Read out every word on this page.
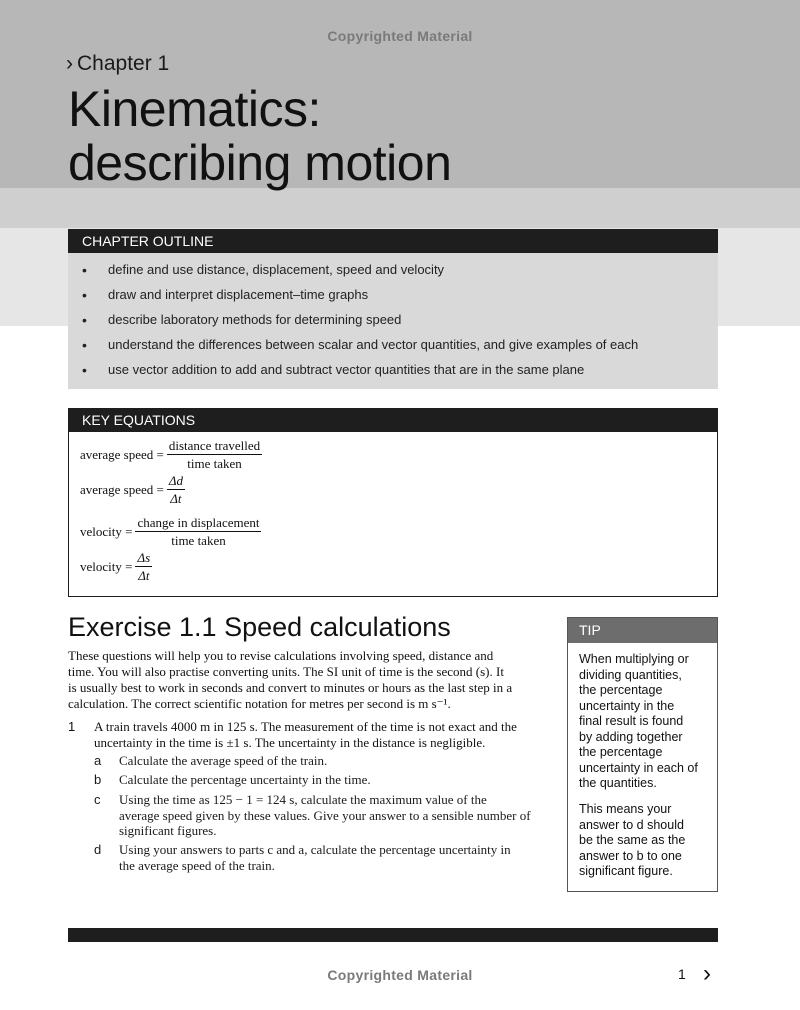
Copyrighted Material
› Chapter 1
Kinematics:
describing motion
CHAPTER OUTLINE
• define and use distance, displacement, speed and velocity
• draw and interpret displacement–time graphs
• describe laboratory methods for determining speed
• understand the differences between scalar and vector quantities, and give examples of each
• use vector addition to add and subtract vector quantities that are in the same plane
KEY EQUATIONS
average speed = $\frac{\text{distance travelled}}{\text{time taken}}$
average speed = $\frac{\Delta d}{\Delta t}$
velocity = $\frac{\text{change in displacement}}{\text{time taken}}$
velocity = $\frac{\Delta s}{\Delta t}$
Exercise 1.1 Speed calculations
These questions will help you to revise calculations involving speed, distance and
time. You will also practise converting units. The SI unit of time is the second (s). It
is usually best to work in seconds and convert to minutes or hours as the last step in a
calculation. The correct scientific notation for metres per second is m s⁻¹.
1 A train travels 4000 m in 125 s. The measurement of the time is not exact and the
uncertainty in the time is ±1 s. The uncertainty in the distance is negligible.
a Calculate the average speed of the train.
b Calculate the percentage uncertainty in the time.
c Using the time as 125 − 1 = 124 s, calculate the maximum value of the
average speed given by these values. Give your answer to a sensible number of
significant figures.
d Using your answers to parts c and a, calculate the percentage uncertainty in
the average speed of the train.
TIP
When multiplying or
dividing quantities,
the percentage
uncertainty in the
final result is found
by adding together
the percentage
uncertainty in each of
the quantities.
This means your
answer to d should
be the same as the
answer to b to one
significant figure.
Copyrighted Material	1 ›
